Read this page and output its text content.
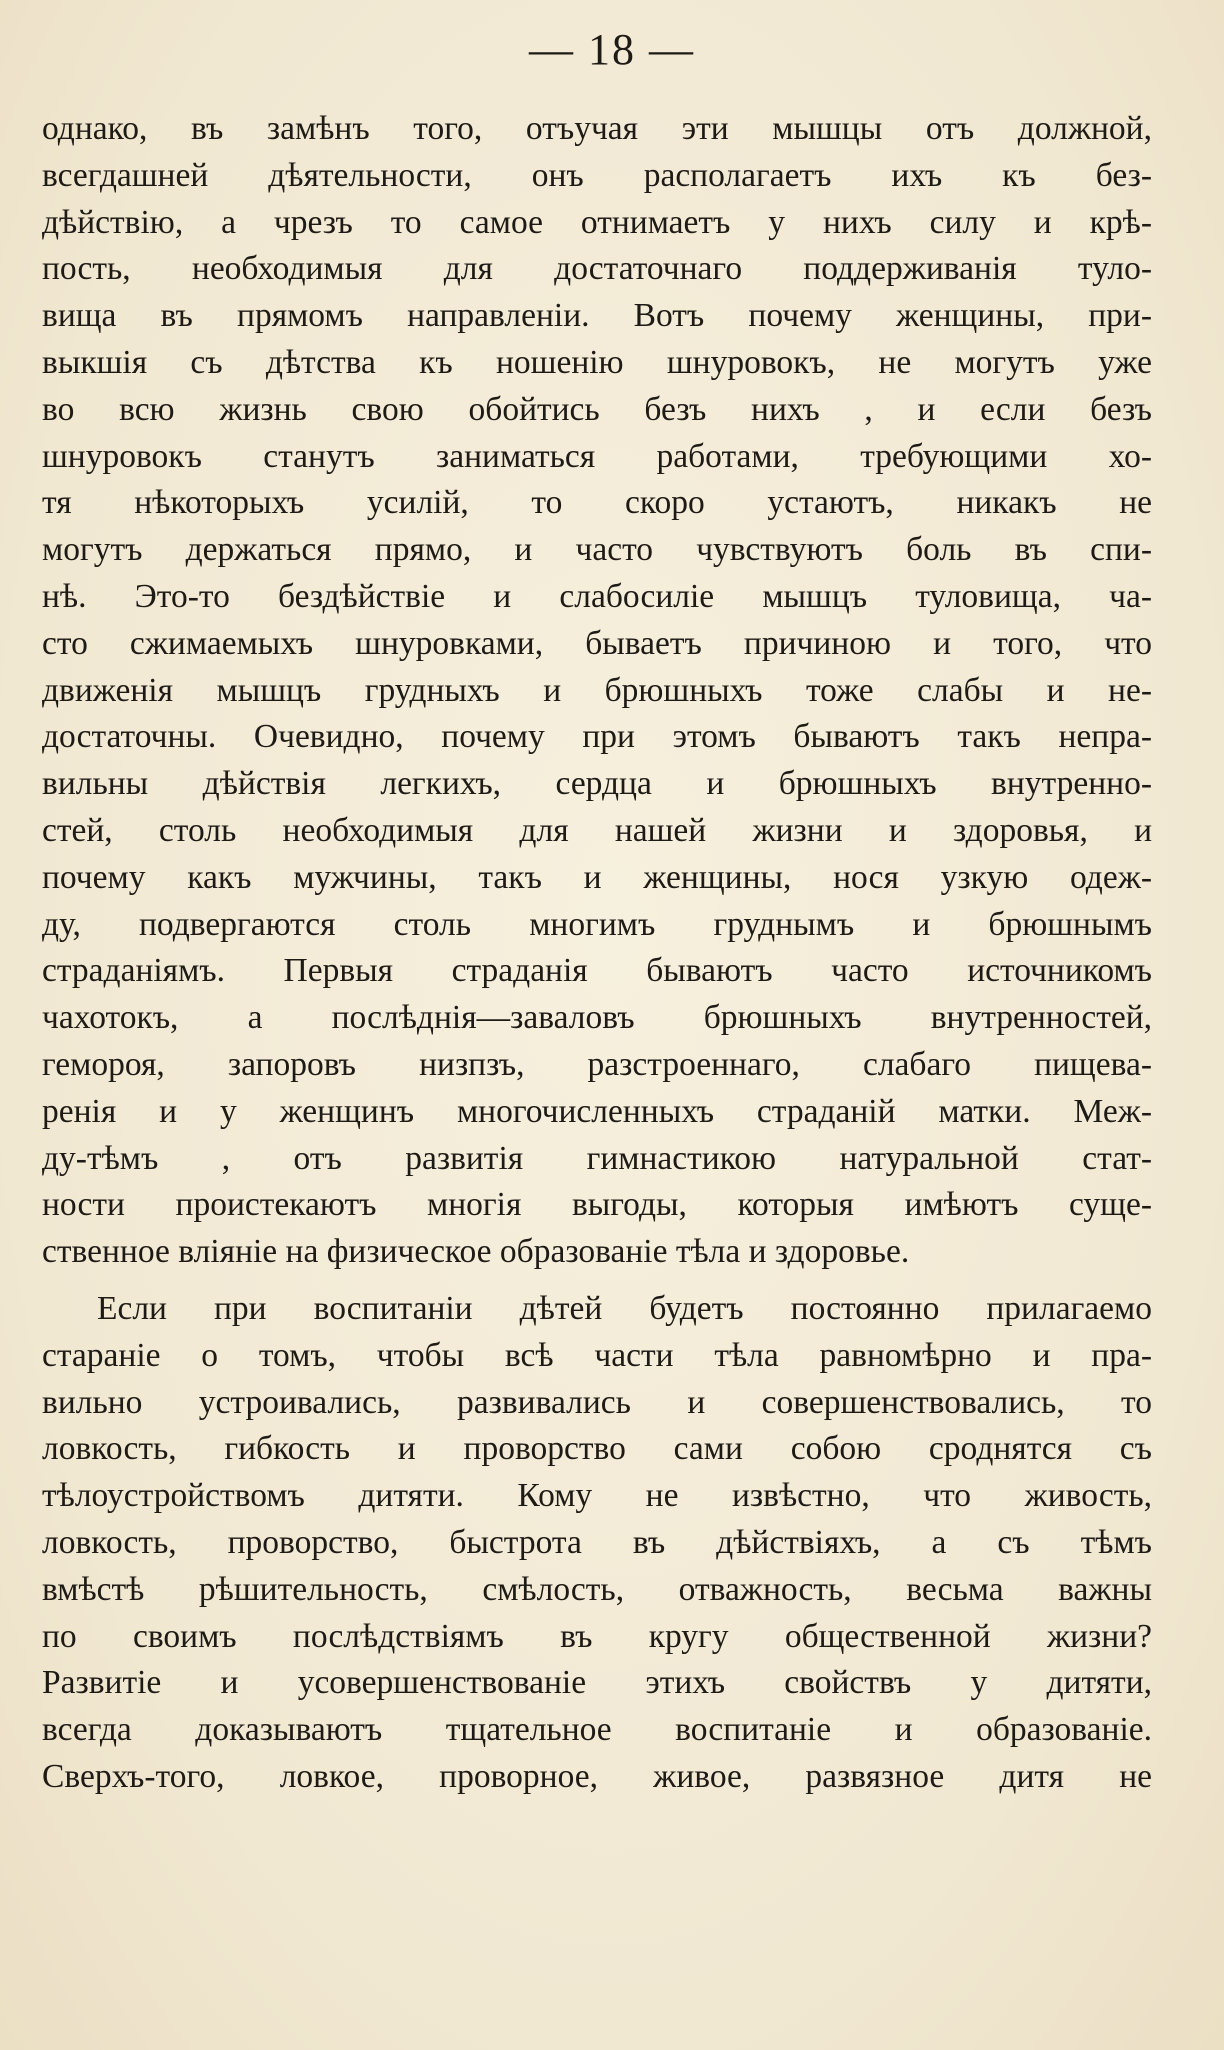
— 18 —
однако, въ замѣнъ того, отъучая эти мышцы отъ должной,
всегдашней дѣятельности, онъ располагаетъ ихъ къ без-
дѣйствію, а чрезъ то самое отнимаетъ у нихъ силу и крѣ-
пость, необходимыя для достаточнаго поддерживанія туло-
вища въ прямомъ направленіи. Вотъ почему женщины, при-
выкшія съ дѣтства къ ношенію шнуровокъ, не могутъ уже
во всю жизнь свою обойтись безъ нихъ , и если безъ
шнуровокъ станутъ заниматься работами, требующими хо-
тя нѣкоторыхъ усилій, то скоро устаютъ, никакъ не
могутъ держаться прямо, и часто чувствуютъ боль въ спи-
нѣ. Это-то бездѣйствіе и слабосиліе мышцъ туловища, ча-
сто сжимаемыхъ шнуровками, бываетъ причиною и того, что
движенія мышцъ грудныхъ и брюшныхъ тоже слабы и не-
достаточны. Очевидно, почему при этомъ бываютъ такъ непра-
вильны дѣйствія легкихъ, сердца и брюшныхъ внутренно-
стей, столь необходимыя для нашей жизни и здоровья, и
почему какъ мужчины, такъ и женщины, нося узкую одеж-
ду, подвергаются столь многимъ груднымъ и брюшнымъ
страданіямъ. Первыя страданія бываютъ часто источникомъ
чахотокъ, а послѣднія—заваловъ брюшныхъ внутренностей,
гемороя, запоровъ низпзъ, разстроеннаго, слабаго пищева-
ренія и у женщинъ многочисленныхъ страданій матки. Меж-
ду-тѣмъ , отъ развитія гимнастикою натуральной стат-
ности проистекаютъ многія выгоды, которыя имѣютъ суще-
ственное вліяніе на физическое образованіе тѣла и здоровье.
Если при воспитаніи дѣтей будетъ постоянно прилагаемо
стараніе о томъ, чтобы всѣ части тѣла равномѣрно и пра-
вильно устроивались, развивались и совершенствовались, то
ловкость, гибкость и проворство сами собою сроднятся съ
тѣлоустройствомъ дитяти. Кому не извѣстно, что живость,
ловкость, проворство, быстрота въ дѣйствіяхъ, а съ тѣмъ
вмѣстѣ рѣшительность, смѣлость, отважность, весьма важны
по своимъ послѣдствіямъ въ кругу общественной жизни?
Развитіе и усовершенствованіе этихъ свойствъ у дитяти,
всегда доказываютъ тщательное воспитаніе и образованіе.
Сверхъ-того, ловкое, проворное, живое, развязное дитя не
